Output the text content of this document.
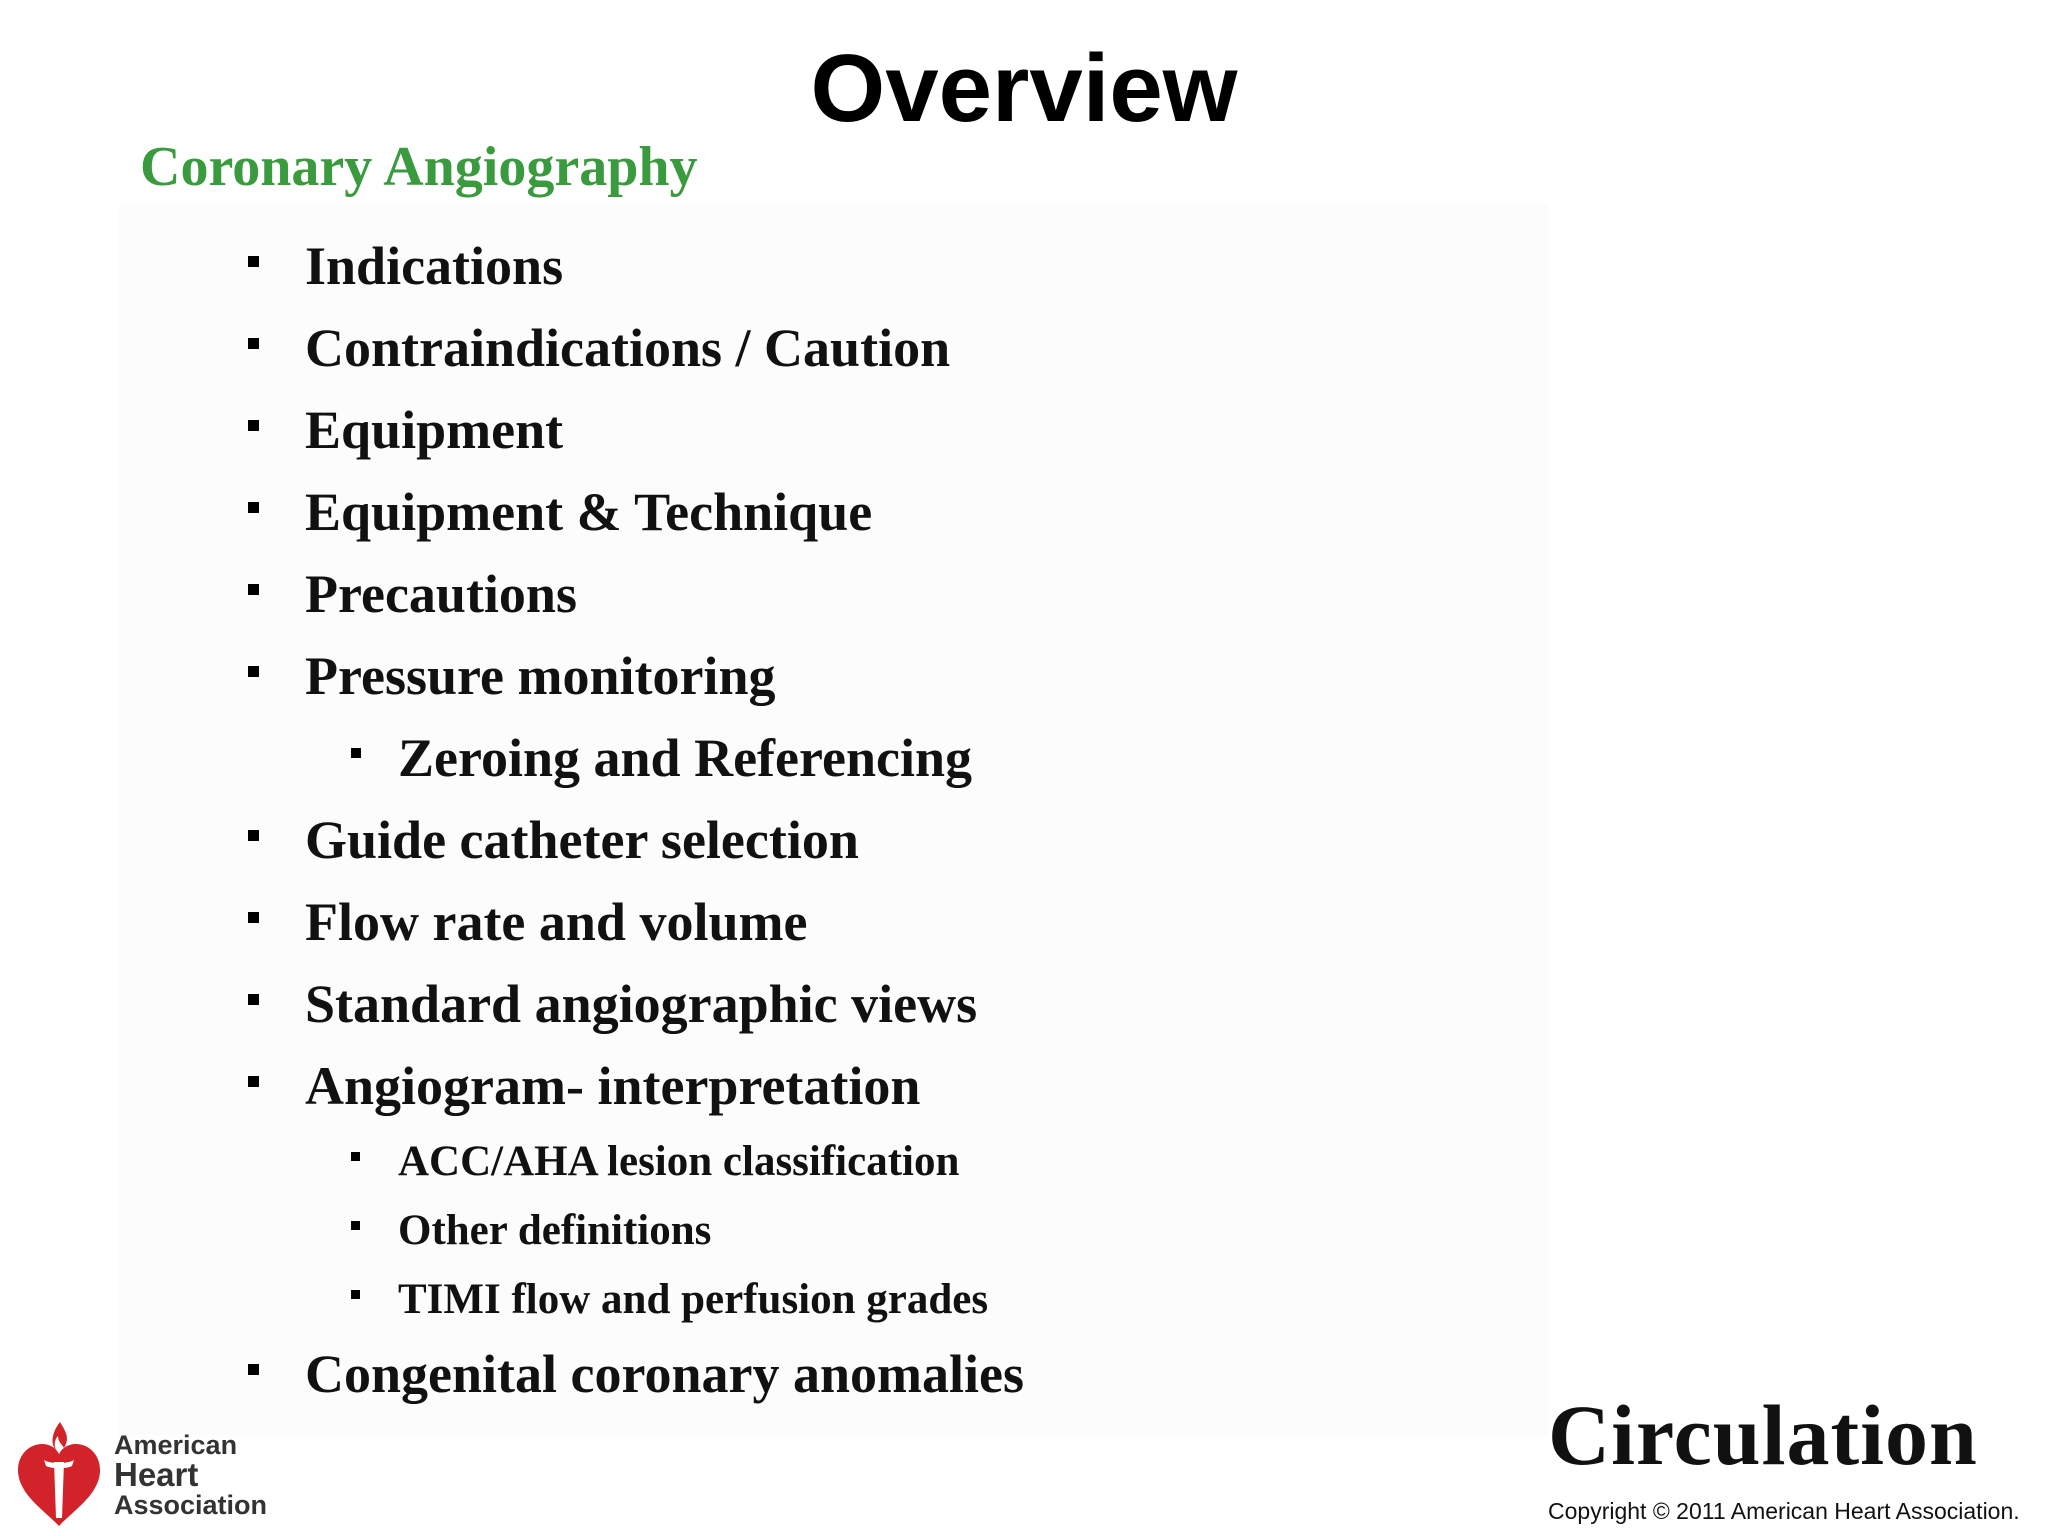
Overview
Coronary Angiography
Indications
Contraindications / Caution
Equipment
Equipment & Technique
Precautions
Pressure monitoring
Zeroing and Referencing
Guide catheter selection
Flow rate and volume
Standard angiographic views
Angiogram- interpretation
ACC/AHA lesion classification
Other definitions
TIMI flow and perfusion grades
Congenital coronary anomalies
American
Heart
Association
Circulation
Copyright © 2011 American Heart Association.
